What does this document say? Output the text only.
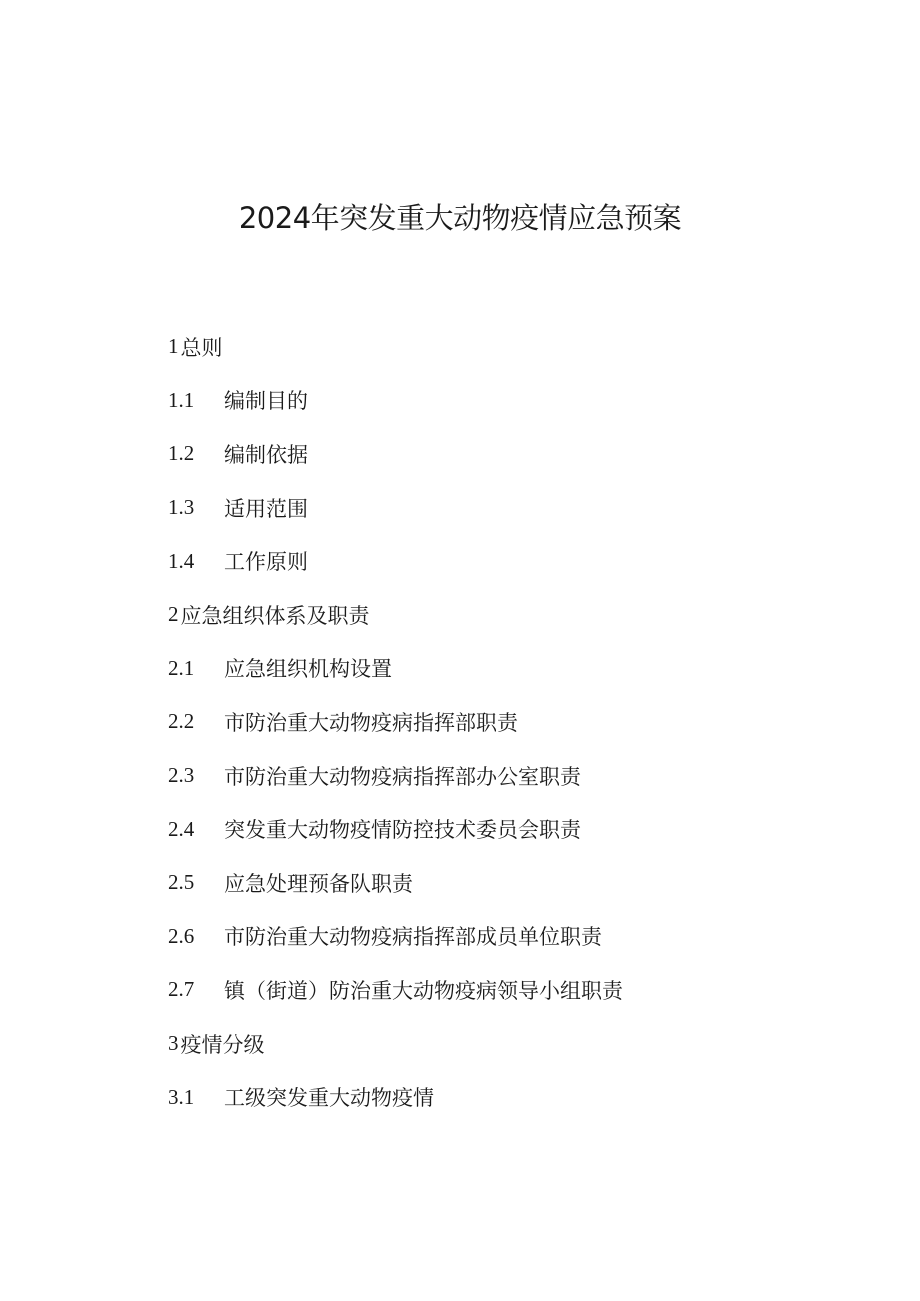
2024年突发重大动物疫情应急预案
1 总则
1.1	编制目的
1.2	编制依据
1.3	适用范围
1.4	工作原则
2 应急组织体系及职责
2.1	应急组织机构设置
2.2	市防治重大动物疫病指挥部职责
2.3	市防治重大动物疫病指挥部办公室职责
2.4	突发重大动物疫情防控技术委员会职责
2.5	应急处理预备队职责
2.6	市防治重大动物疫病指挥部成员单位职责
2.7	镇（街道）防治重大动物疫病领导小组职责
3 疫情分级
3.1	工级突发重大动物疫情
